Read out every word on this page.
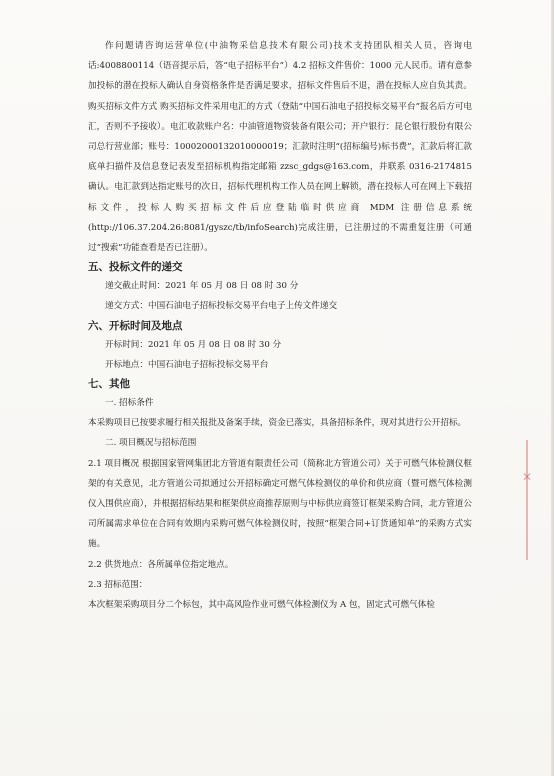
作问题请咨询运营单位(中油物采信息技术有限公司)技术支持团队相关人员，咨询电话:4008800114（语音提示后，答“电子招标平台”）4.2 招标文件售价：1000 元人民币。请有意参加投标的潜在投标人确认自身资格条件是否满足要求，招标文件售后不退，潜在投标人应自负其责。购买招标文件方式 购买招标文件采用电汇的方式（登陆“中国石油电子招投标交易平台”报名后方可电汇，否则不予接收）。电汇收款账户名：中油管道物资装备有限公司；开户银行：昆仑银行股份有限公司总行营业部；账号：10002000132010000019；汇款时注明“(招标编号)标书费”，汇款后将汇款底单扫描件及信息登记表发至招标机构指定邮箱 zzsc_gdgs@163.com，并联系 0316-2174815 确认。电汇款到达指定账号的次日，招标代理机构工作人员在网上解锁，潜在投标人可在网上下载招标文件，投标人购买招标文件后应登陆临时供应商 MDM 注册信息系统(http://106.37.204.26:8081/gyszc/tb/infoSearch)完成注册，已注册过的不需重复注册（可通过“搜索”功能查看是否已注册）。

五、投标文件的递交

递交截止时间：2021 年 05 月 08 日 08 时 30 分

递交方式：中国石油电子招标投标交易平台电子上传文件递交

六、开标时间及地点

开标时间：2021 年 05 月 08 日 08 时 30 分

开标地点：中国石油电子招标投标交易平台

七、其他

一. 招标条件

本采购项目已按要求履行相关报批及备案手续，资金已落实，具备招标条件，现对其进行公开招标。

二. 项目概况与招标范围

2.1 项目概况 根据国家管网集团北方管道有限责任公司（简称北方管道公司）关于可燃气体检测仪框架的有关意见，北方管道公司拟通过公开招标确定可燃气体检测仪的单价和供应商（暨可燃气体检测仪入围供应商），并根据招标结果和框架供应商推荐原则与中标供应商签订框架采购合同，北方管道公司所属需求单位在合同有效期内采购可燃气体检测仪时，按照“框架合同+订货通知单”的采购方式实施。

2.2 供货地点：各所属单位指定地点。

2.3 招标范围：

本次框架采购项目分二个标包，其中高风险作业可燃气体检测仪为 A 包，固定式可燃气体检

✕
